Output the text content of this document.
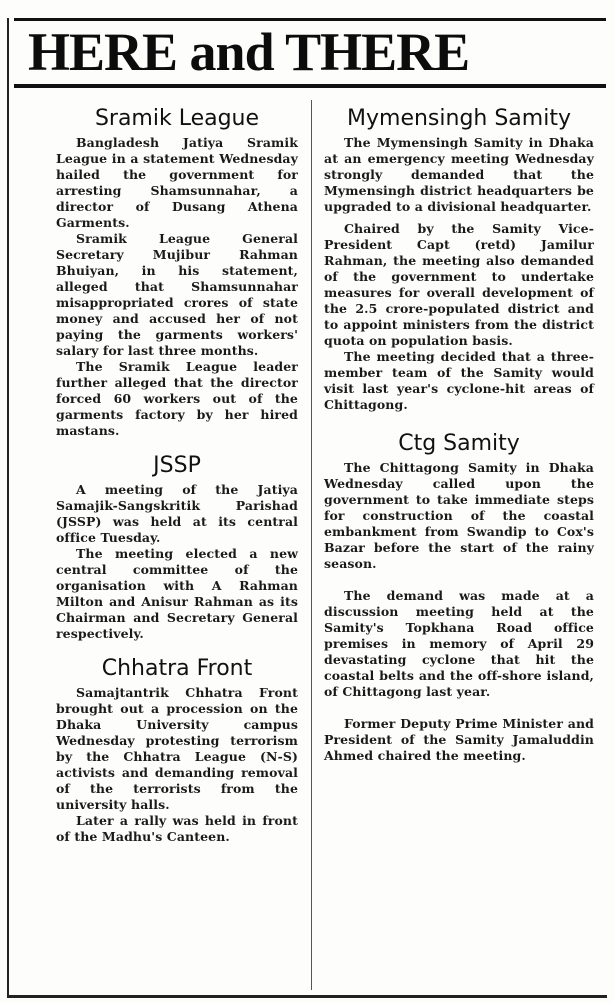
HERE and THERE
Sramik League

Bangladesh Jatiya Sramik League in a statement Wednesday hailed the government for arresting Shamsunnahar, a director of Dusang Athena Garments.

Sramik League General Secretary Mujibur Rahman Bhuiyan, in his statement, alleged that Shamsunnahar misappropriated crores of state money and accused her of not paying the garments workers' salary for last three months.

The Sramik League leader further alleged that the director forced 60 workers out of the garments factory by her hired mastans.

JSSP

A meeting of the Jatiya Samajik-Sangskritik Parishad (JSSP) was held at its central office Tuesday.

The meeting elected a new central committee of the organisation with A Rahman Milton and Anisur Rahman as its Chairman and Secretary General respectively.

Chhatra Front

Samajtantrik Chhatra Front brought out a procession on the Dhaka University campus Wednesday protesting terrorism by the Chhatra League (N-S) activists and demanding removal of the terrorists from the university halls.

Later a rally was held in front of the Madhu's Canteen.

Mymensingh Samity

The Mymensingh Samity in Dhaka at an emergency meeting Wednesday strongly demanded that the Mymensingh district headquarters be upgraded to a divisional headquarter.

Chaired by the Samity Vice-President Capt (retd) Jamilur Rahman, the meeting also demanded of the government to undertake measures for overall development of the 2.5 crore-populated district and to appoint ministers from the district quota on population basis.

The meeting decided that a three-member team of the Samity would visit last year's cyclone-hit areas of Chittagong.

Ctg Samity

The Chittagong Samity in Dhaka Wednesday called upon the government to take immediate steps for construction of the coastal embankment from Swandip to Cox's Bazar before the start of the rainy season.

The demand was made at a discussion meeting held at the Samity's Topkhana Road office premises in memory of April 29 devastating cyclone that hit the coastal belts and the off-shore island, of Chittagong last year.

Former Deputy Prime Minister and President of the Samity Jamaluddin Ahmed chaired the meeting.
